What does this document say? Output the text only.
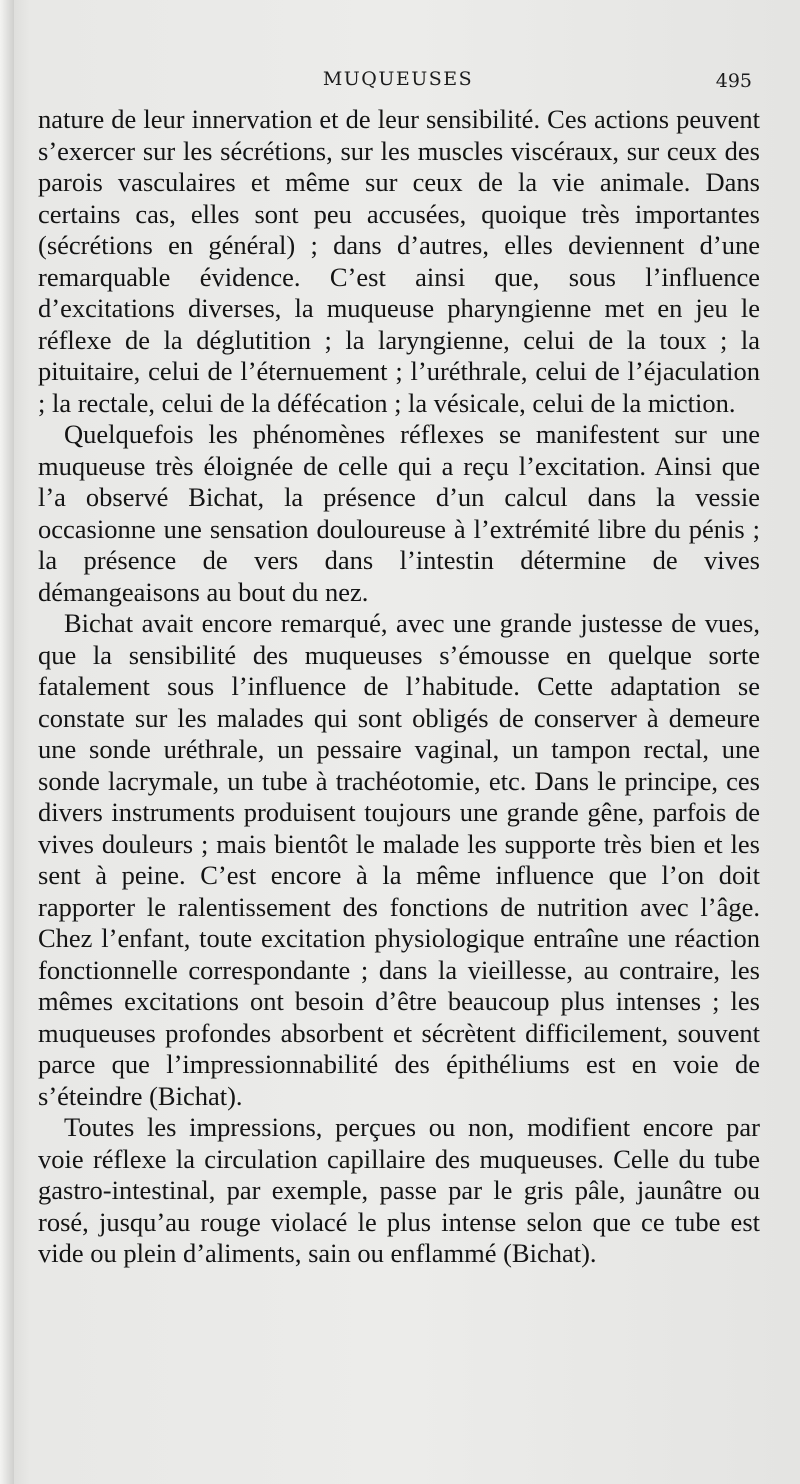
MUQUEUSES	495

nature de leur innervation et de leur sensibilité. Ces actions peuvent s’exercer sur les sécrétions, sur les muscles viscéraux, sur ceux des parois vasculaires et même sur ceux de la vie animale. Dans certains cas, elles sont peu accusées, quoique très importantes (sécrétions en général) ; dans d’autres, elles deviennent d’une remarquable évidence. C’est ainsi que, sous l’influence d’excitations diverses, la muqueuse pharyngienne met en jeu le réflexe de la déglutition ; la laryngienne, celui de la toux ; la pituitaire, celui de l’éternuement ; l’uréthrale, celui de l’éjaculation ; la rectale, celui de la défécation ; la vésicale, celui de la miction.

Quelquefois les phénomènes réflexes se manifestent sur une muqueuse très éloignée de celle qui a reçu l’excitation. Ainsi que l’a observé Bichat, la présence d’un calcul dans la vessie occasionne une sensation douloureuse à l’extrémité libre du pénis ; la présence de vers dans l’intestin détermine de vives démangeaisons au bout du nez.

Bichat avait encore remarqué, avec une grande justesse de vues, que la sensibilité des muqueuses s’émousse en quelque sorte fatalement sous l’influence de l’habitude. Cette adaptation se constate sur les malades qui sont obligés de conserver à demeure une sonde uréthrale, un pessaire vaginal, un tampon rectal, une sonde lacrymale, un tube à trachéotomie, etc. Dans le principe, ces divers instruments produisent toujours une grande gêne, parfois de vives douleurs ; mais bientôt le malade les supporte très bien et les sent à peine. C’est encore à la même influence que l’on doit rapporter le ralentissement des fonctions de nutrition avec l’âge. Chez l’enfant, toute excitation physiologique entraîne une réaction fonctionnelle correspondante ; dans la vieillesse, au contraire, les mêmes excitations ont besoin d’être beaucoup plus intenses ; les muqueuses profondes absorbent et sécrètent difficilement, souvent parce que l’impressionnabilité des épithéliums est en voie de s’éteindre (Bichat).

Toutes les impressions, perçues ou non, modifient encore par voie réflexe la circulation capillaire des muqueuses. Celle du tube gastro-intestinal, par exemple, passe par le gris pâle, jaunâtre ou rosé, jusqu’au rouge violacé le plus intense selon que ce tube est vide ou plein d’aliments, sain ou enflammé (Bichat).
